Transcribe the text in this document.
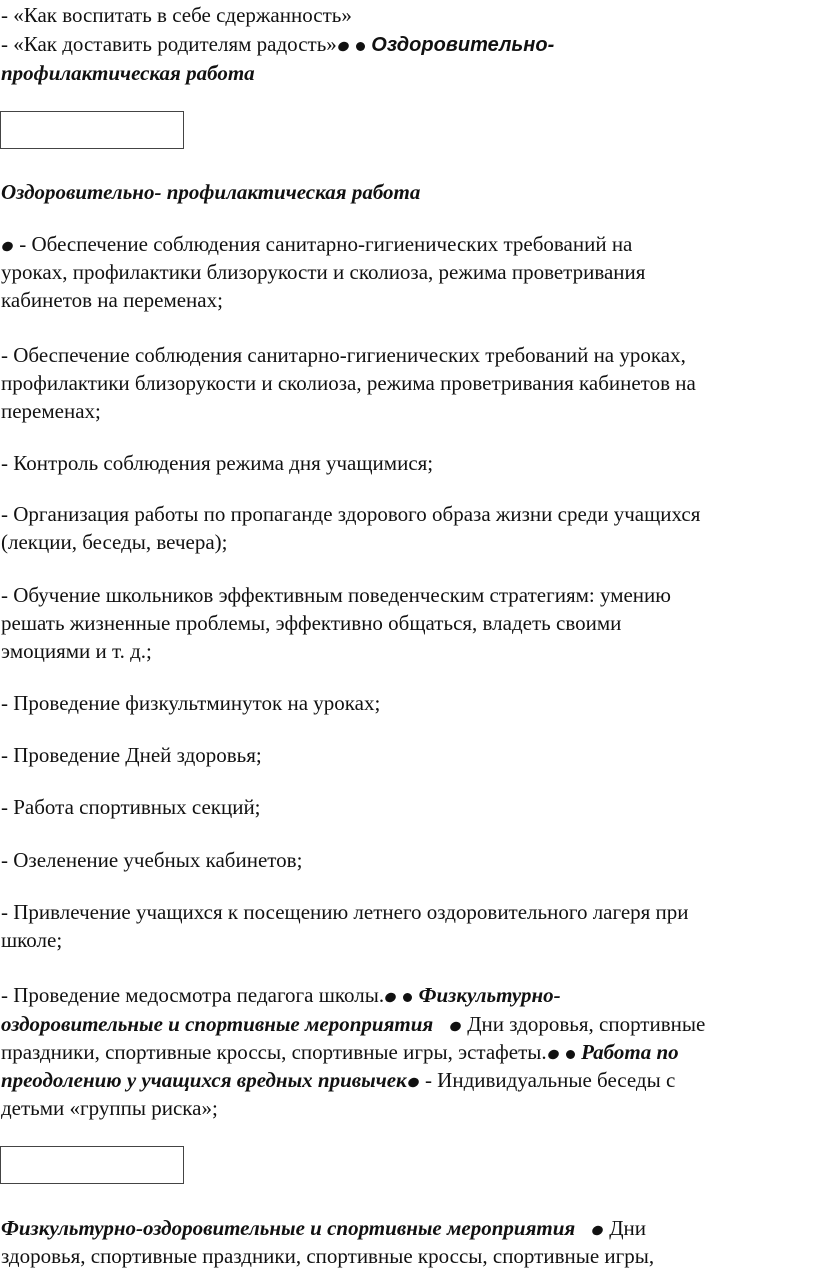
- «Как воспитать в себе сдержанность»
- «Как доставить родителям радость» Оздоровительно-
профилактическая работа
Оздоровительно- профилактическая работа
- Обеспечение соблюдения санитарно-гигиенических требований на
уроках, профилактики близорукости и сколиоза, режима проветривания
кабинетов на переменах;
- Обеспечение соблюдения санитарно-гигиенических требований на уроках,
профилактики близорукости и сколиоза, режима проветривания кабинетов на
переменах;
- Контроль соблюдения режима дня учащимися;
- Организация работы по пропаганде здорового образа жизни среди учащихся
(лекции, беседы, вечера);
- Обучение школьников эффективным поведенческим стратегиям: умению
решать жизненные проблемы, эффективно общаться, владеть своими
эмоциями и т. д.;
- Проведение физкультминуток на уроках;
- Проведение Дней здоровья;
- Работа спортивных секций;
- Озеленение учебных кабинетов;
- Привлечение учащихся к посещению летнего оздоровительного лагеря при
школе;
- Проведение медосмотра педагога школы. Физкультурно-
оздоровительные и спортивные мероприятия Дни здоровья, спортивные
праздники, спортивные кроссы, спортивные игры, эстафеты. Работа по
преодолению у учащихся вредных привычек - Индивидуальные беседы с
детьми «группы риска»;
Физкультурно-оздоровительные и спортивные мероприятия Дни
здоровья, спортивные праздники, спортивные кроссы, спортивные игры,
